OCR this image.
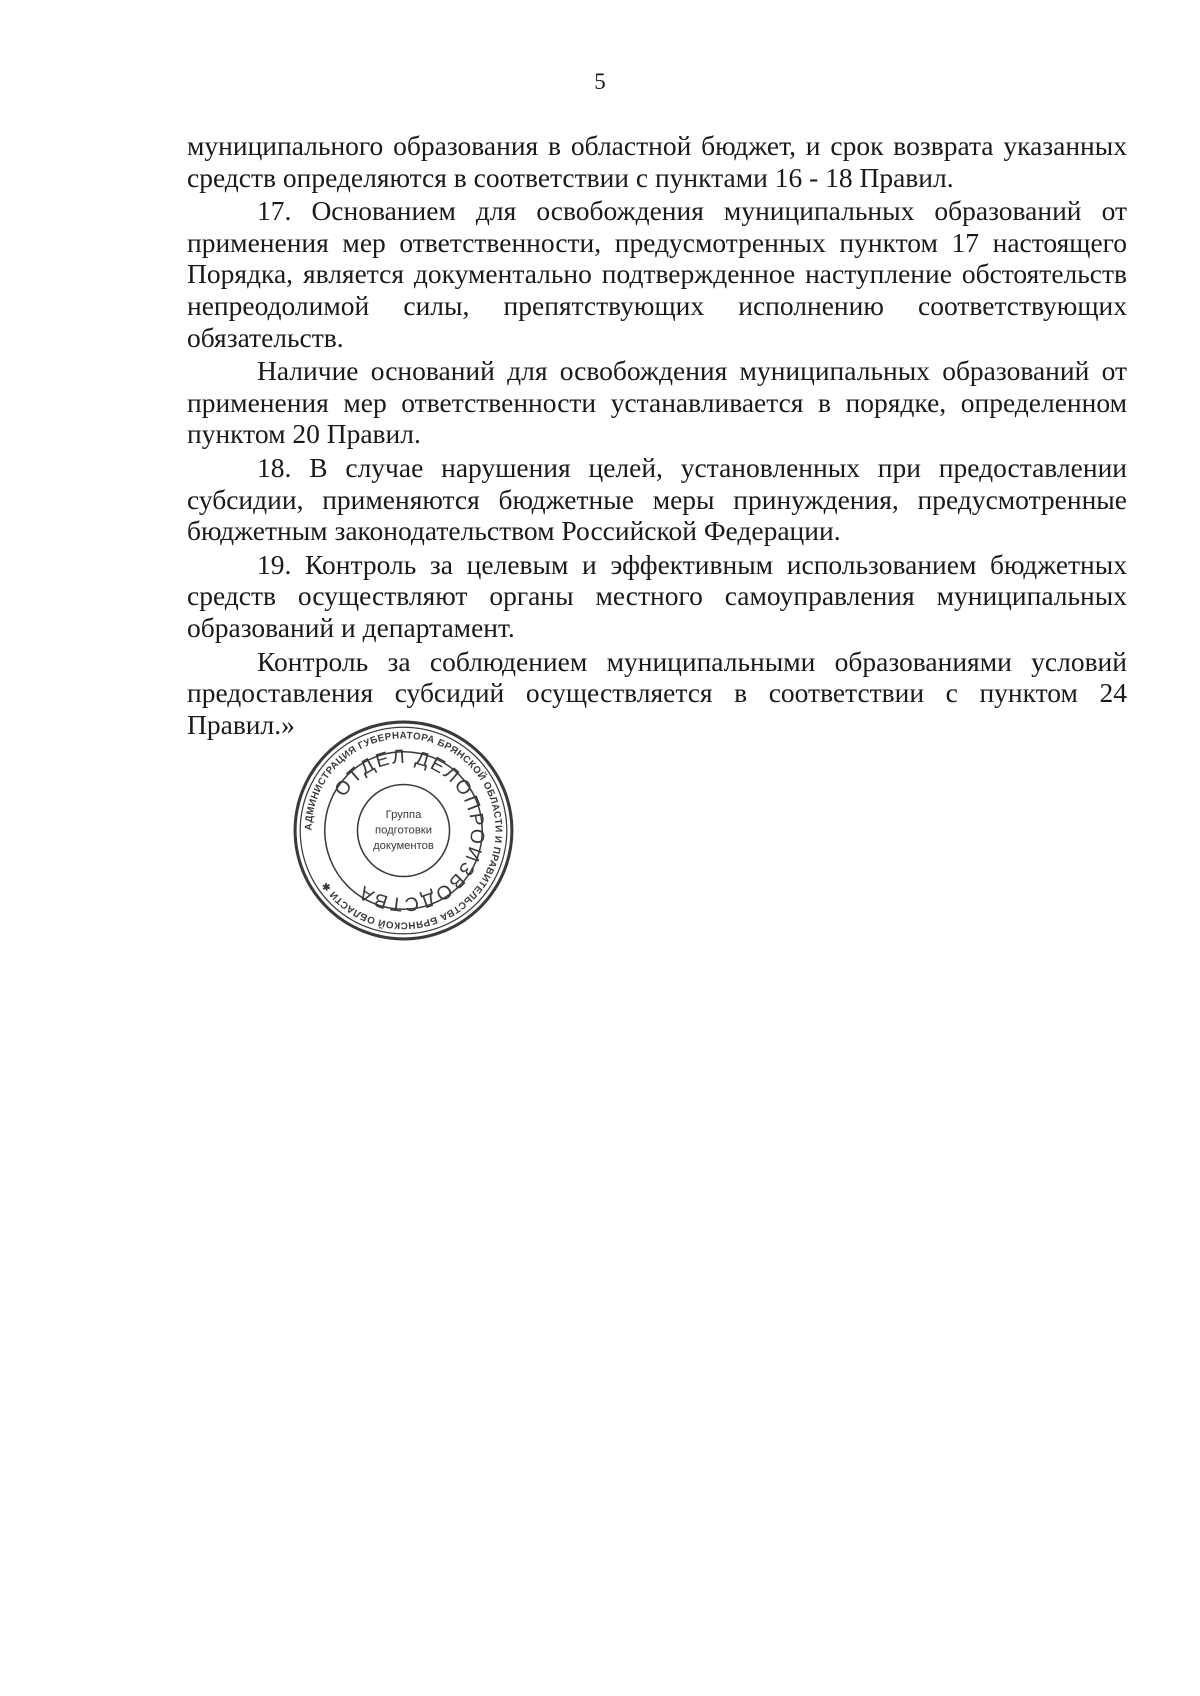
5

муниципального образования в областной бюджет, и срок возврата указанных средств определяются в соответствии с пунктами 16 - 18 Правил.

17. Основанием для освобождения муниципальных образований от применения мер ответственности, предусмотренных пунктом 17 настоящего Порядка, является документально подтвержденное наступление обстоятельств непреодолимой силы, препятствующих исполнению соответствующих обязательств.

Наличие оснований для освобождения муниципальных образований от применения мер ответственности устанавливается в порядке, определенном пунктом 20 Правил.

18. В случае нарушения целей, установленных при предоставлении субсидии, применяются бюджетные меры принуждения, предусмотренные бюджетным законодательством Российской Федерации.

19. Контроль за целевым и эффективным использованием бюджетных средств осуществляют органы местного самоуправления муниципальных образований и департамент.

Контроль за соблюдением муниципальными образованиями условий предоставления субсидий осуществляется в соответствии с пунктом 24 Правил.»

АДМИНИСТРАЦИЯ ГУБЕРНАТОРА БРЯНСКОЙ ОБЛАСТИ И ПРАВИТЕЛЬСТВА БРЯНСКОЙ ОБЛАСТИ ✱
ОТДЕЛ ДЕЛОПРОИЗВОДСТВА
Группа
подготовки
документов
